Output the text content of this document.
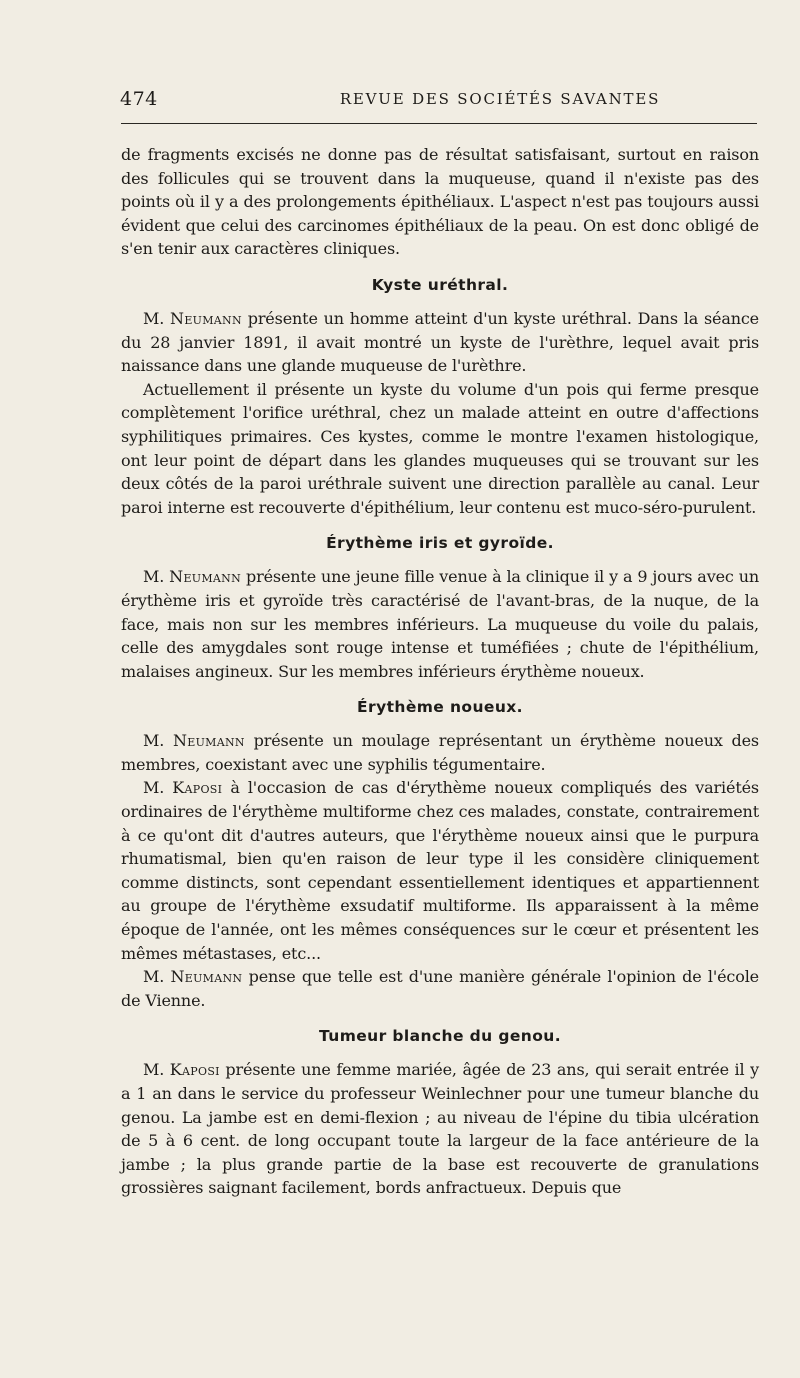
474	REVUE DES SOCIÉTÉS SAVANTES

de fragments excisés ne donne pas de résultat satisfaisant, surtout en raison des follicules qui se trouvent dans la muqueuse, quand il n'existe pas des points où il y a des prolongements épithéliaux. L'aspect n'est pas toujours aussi évident que celui des carcinomes épithéliaux de la peau. On est donc obligé de s'en tenir aux caractères cliniques.

Kyste uréthral.

M. Neumann présente un homme atteint d'un kyste uréthral. Dans la séance du 28 janvier 1891, il avait montré un kyste de l'urèthre, lequel avait pris naissance dans une glande muqueuse de l'urèthre.

Actuellement il présente un kyste du volume d'un pois qui ferme presque complètement l'orifice uréthral, chez un malade atteint en outre d'affections syphilitiques primaires. Ces kystes, comme le montre l'examen histologique, ont leur point de départ dans les glandes muqueuses qui se trouvant sur les deux côtés de la paroi uréthrale suivent une direction parallèle au canal. Leur paroi interne est recouverte d'épithélium, leur contenu est muco-séro-purulent.

Érythème iris et gyroïde.

M. Neumann présente une jeune fille venue à la clinique il y a 9 jours avec un érythème iris et gyroïde très caractérisé de l'avant-bras, de la nuque, de la face, mais non sur les membres inférieurs. La muqueuse du voile du palais, celle des amygdales sont rouge intense et tuméfiées ; chute de l'épithélium, malaises angineux. Sur les membres inférieurs érythème noueux.

Érythème noueux.

M. Neumann présente un moulage représentant un érythème noueux des membres, coexistant avec une syphilis tégumentaire.

M. Kaposi à l'occasion de cas d'érythème noueux compliqués des variétés ordinaires de l'érythème multiforme chez ces malades, constate, contrairement à ce qu'ont dit d'autres auteurs, que l'érythème noueux ainsi que le purpura rhumatismal, bien qu'en raison de leur type il les considère cliniquement comme distincts, sont cependant essentiellement identiques et appartiennent au groupe de l'érythème exsudatif multiforme. Ils apparaissent à la même époque de l'année, ont les mêmes conséquences sur le cœur et présentent les mêmes métastases, etc...

M. Neumann pense que telle est d'une manière générale l'opinion de l'école de Vienne.

Tumeur blanche du genou.

M. Kaposi présente une femme mariée, âgée de 23 ans, qui serait entrée il y a 1 an dans le service du professeur Weinlechner pour une tumeur blanche du genou. La jambe est en demi-flexion ; au niveau de l'épine du tibia ulcération de 5 à 6 cent. de long occupant toute la largeur de la face antérieure de la jambe ; la plus grande partie de la base est recouverte de granulations grossières saignant facilement, bords anfractueux. Depuis que
